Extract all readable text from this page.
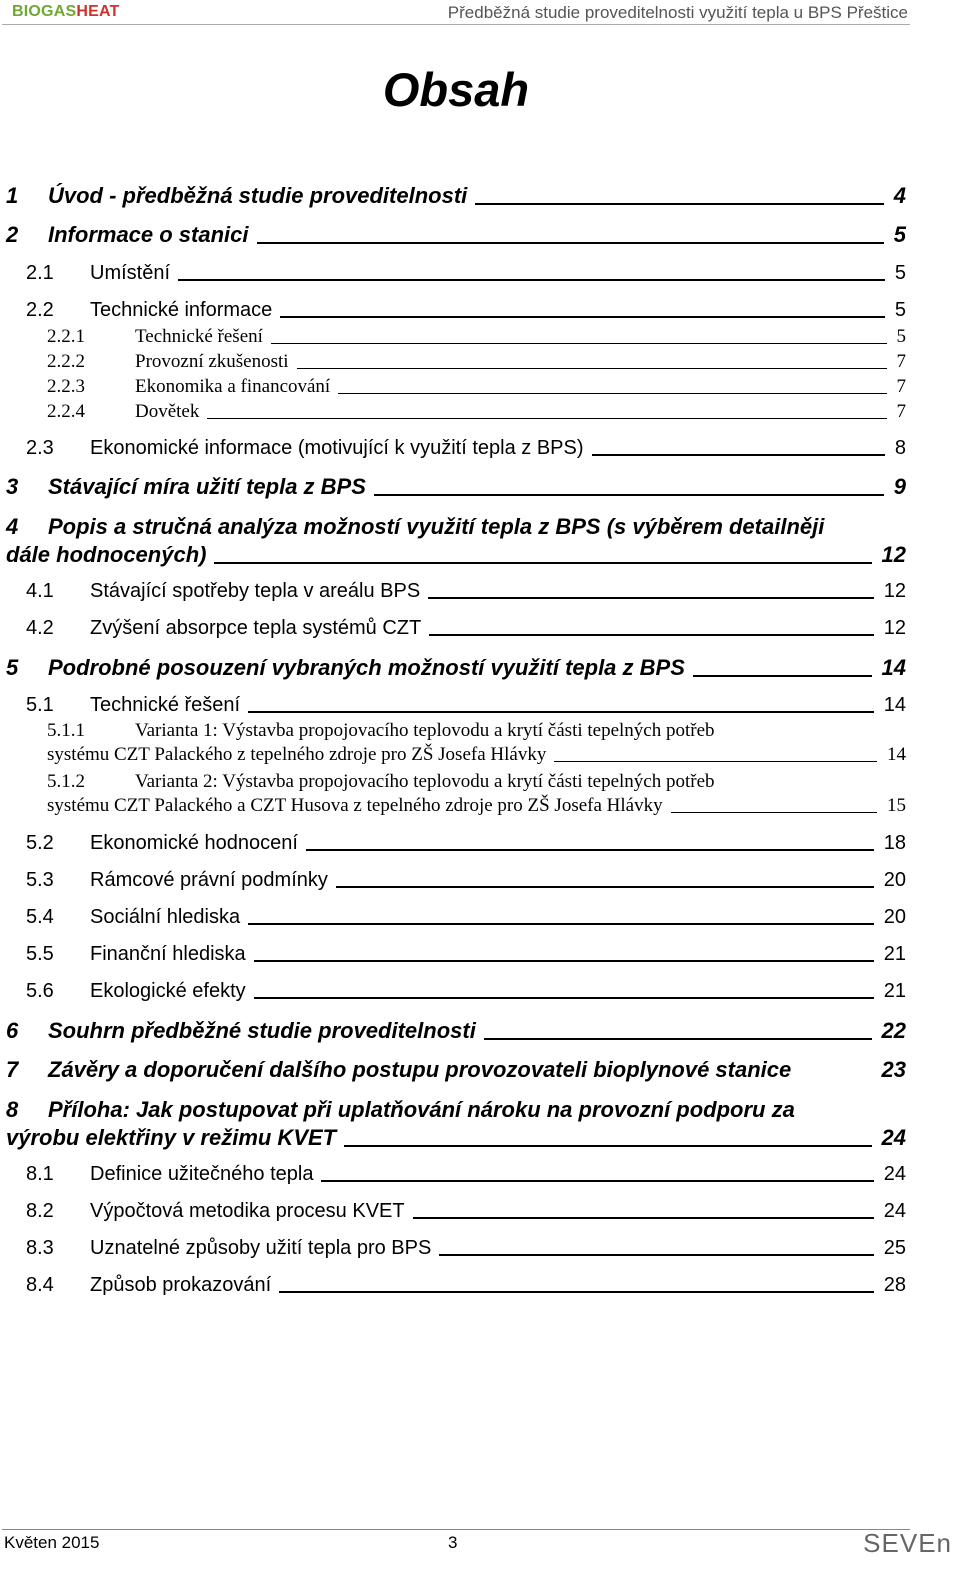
BIOGASHEAT	Předběžná studie proveditelnosti využití tepla u BPS Přeštice
Obsah
1	Úvod - předběžná studie proveditelnosti	4
2	Informace o stanici	5
2.1	Umístění	5
2.2	Technické informace	5
2.2.1	Technické řešení	5
2.2.2	Provozní zkušenosti	7
2.2.3	Ekonomika a financování	7
2.2.4	Dovětek	7
2.3	Ekonomické informace (motivující k využití tepla z BPS)	8
3	Stávající míra užití tepla z BPS	9
4 Popis a stručná analýza možností využití tepla z BPS (s výběrem detailněji
dále hodnocených)	12
4.1	Stávající spotřeby tepla v areálu BPS	12
4.2	Zvýšení absorpce tepla systémů CZT	12
5	Podrobné posouzení vybraných možností využití tepla z BPS	14
5.1	Technické řešení	14
5.1.1	Varianta 1: Výstavba propojovacího teplovodu a krytí části tepelných potřeb
systému CZT Palackého z tepelného zdroje pro ZŠ Josefa Hlávky	14
5.1.2	Varianta 2: Výstavba propojovacího teplovodu a krytí části tepelných potřeb
systému CZT Palackého a CZT Husova z tepelného zdroje pro ZŠ Josefa Hlávky	15
5.2	Ekonomické hodnocení	18
5.3	Rámcové právní podmínky	20
5.4	Sociální hlediska	20
5.5	Finanční hlediska	21
5.6	Ekologické efekty	21
6	Souhrn předběžné studie proveditelnosti	22
7	Závěry a doporučení dalšího postupu provozovateli bioplynové stanice	23
8 Příloha: Jak postupovat při uplatňování nároku na provozní podporu za
výrobu elektřiny v režimu KVET	24
8.1	Definice užitečného tepla	24
8.2	Výpočtová metodika procesu KVET	24
8.3	Uznatelné způsoby užití tepla pro BPS	25
8.4	Způsob prokazování	28
Květen 2015	3	SEVEn
